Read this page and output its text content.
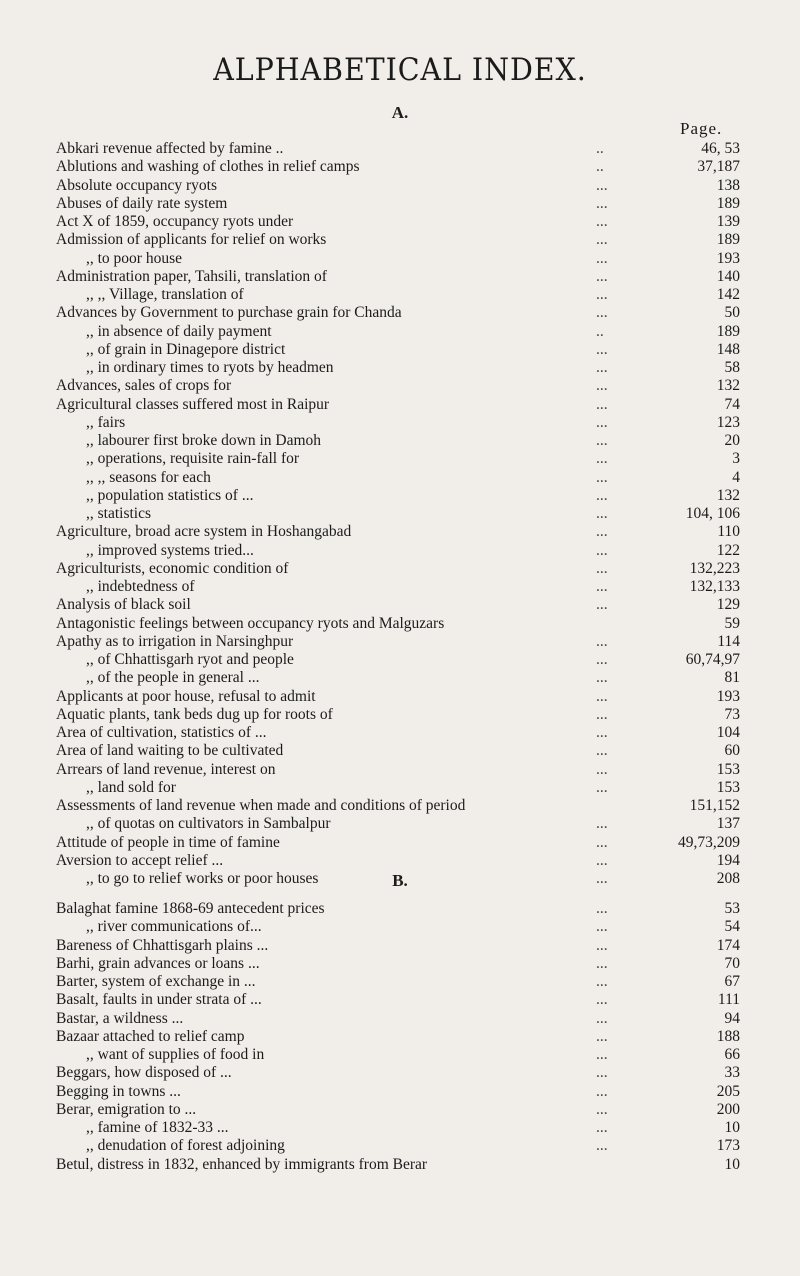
ALPHABETICAL INDEX.
A.
Page.
Abkari revenue affected by famine ..	..	46, 53
Ablutions and washing of clothes in relief camps	..	37,187
Absolute occupancy ryots	...	138
Abuses of daily rate system	...	189
Act X of 1859, occupancy ryots under	...	139
Admission of applicants for relief on works	...	189
,, to poor house	...	193
Administration paper, Tahsili, translation of	...	140
,, ,, Village, translation of	...	142
Advances by Government to purchase grain for Chanda	...	50
,, in absence of daily payment	..	189
,, of grain in Dinagepore district	...	148
,, in ordinary times to ryots by headmen	...	58
Advances, sales of crops for	...	132
Agricultural classes suffered most in Raipur	...	74
,, fairs	...	123
,, labourer first broke down in Damoh	...	20
,, operations, requisite rain-fall for	...	3
,, ,, seasons for each	...	4
,, population statistics of ...	...	132
,, statistics	...	104, 106
Agriculture, broad acre system in Hoshangabad	...	110
,, improved systems tried...	...	122
Agriculturists, economic condition of	...	132,223
,, indebtedness of	...	132,133
Analysis of black soil	...	129
Antagonistic feelings between occupancy ryots and Malguzars	59
Apathy as to irrigation in Narsinghpur	...	114
,, of Chhattisgarh ryot and people	...	60,74,97
,, of the people in general ...	...	81
Applicants at poor house, refusal to admit	...	193
Aquatic plants, tank beds dug up for roots of	...	73
Area of cultivation, statistics of ...	...	104
Area of land waiting to be cultivated	...	60
Arrears of land revenue, interest on	...	153
,, land sold for	...	153
Assessments of land revenue when made and conditions of period	151,152
,, of quotas on cultivators in Sambalpur	...	137
Attitude of people in time of famine	...	49,73,209
Aversion to accept relief ...	...	194
,, to go to relief works or poor houses	...	208
B.
Balaghat famine 1868-69 antecedent prices	...	53
,, river communications of...	...	54
Bareness of Chhattisgarh plains ...	...	174
Barhi, grain advances or loans ...	...	70
Barter, system of exchange in ...	...	67
Basalt, faults in under strata of ...	...	111
Bastar, a wildness ...	...	94
Bazaar attached to relief camp	...	188
,, want of supplies of food in	...	66
Beggars, how disposed of ...	...	33
Begging in towns ...	...	205
Berar, emigration to ...	...	200
,, famine of 1832-33 ...	...	10
,, denudation of forest adjoining	...	173
Betul, distress in 1832, enhanced by immigrants from Berar	10
